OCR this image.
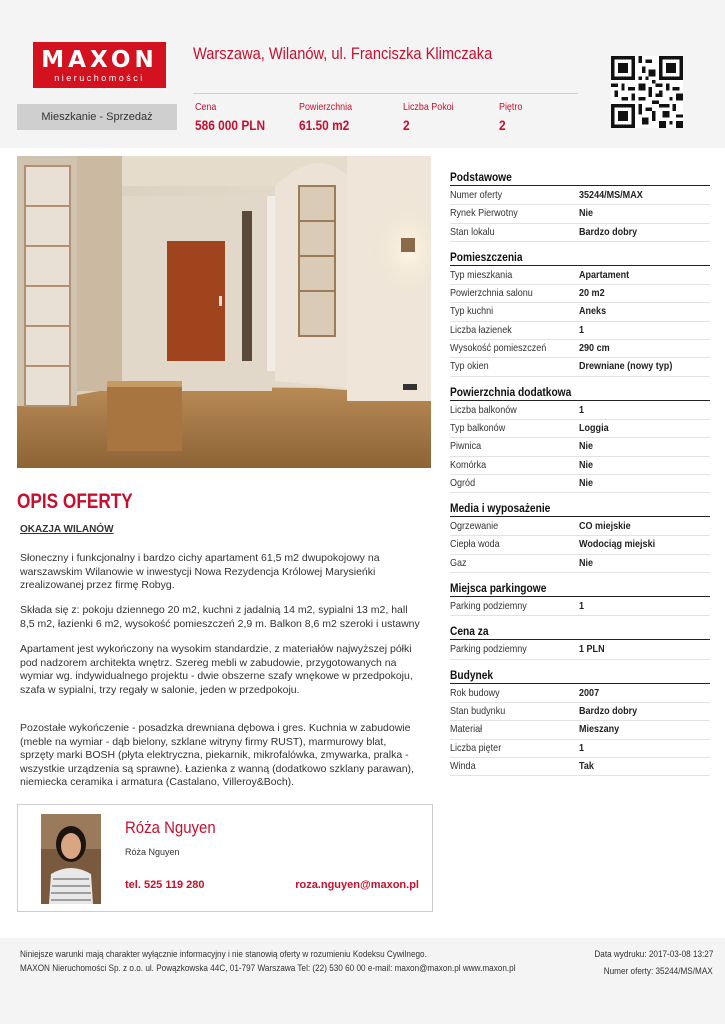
MAXON
nieruchomości
Warszawa, Wilanów, ul. Franciszka Klimczaka
Mieszkanie - Sprzedaż
Cena
586 000 PLN
Powierzchnia
61.50 m2
Liczba Pokoi
2
Piętro
2
OPIS OFERTY
OKAZJA WILANÓW
Słoneczny i funkcjonalny i bardzo cichy apartament 61,5 m2 dwupokojowy na warszawskim Wilanowie w inwestycji Nowa Rezydencja Królowej Marysieńki zrealizowanej przez firmę Robyg.
Składa się z: pokoju dziennego 20 m2, kuchni z jadalnią 14 m2, sypialni 13 m2, hall 8,5 m2, łazienki 6 m2, wysokość pomieszczeń 2,9 m. Balkon 8,6 m2 szeroki i ustawny
Apartament jest wykończony na wysokim standardzie, z materiałów najwyższej półki pod nadzorem architekta wnętrz. Szereg mebli w zabudowie, przygotowanych na wymiar wg. indywidualnego projektu - dwie obszerne szafy wnękowe w przedpokoju, szafa w sypialni, trzy regały w salonie, jeden w przedpokoju.
Pozostałe wykończenie - posadzka drewniana dębowa i gres. Kuchnia w zabudowie (meble na wymiar - dąb bielony, szklane witryny firmy RUST), marmurowy blat, sprzęty marki BOSH (płyta elektryczna, piekarnik, mikrofalówka, zmywarka, pralka - wszystkie urządzenia są sprawne). Łazienka z wanną (dodatkowo szklany parawan), niemiecka ceramika i armatura (Castalano, Villeroy&Boch).
Róża Nguyen
Róża Nguyen
tel. 525 119 280	roza.nguyen@maxon.pl
Podstawowe
Numer oferty	35244/MS/MAX
Rynek Pierwotny	Nie
Stan lokalu	Bardzo dobry
Pomieszczenia
Typ mieszkania	Apartament
Powierzchnia salonu	20 m2
Typ kuchni	Aneks
Liczba łazienek	1
Wysokość pomieszczeń	290 cm
Typ okien	Drewniane (nowy typ)
Powierzchnia dodatkowa
Liczba balkonów	1
Typ balkonów	Loggia
Piwnica	Nie
Komórka	Nie
Ogród	Nie
Media i wyposażenie
Ogrzewanie	CO miejskie
Ciepła woda	Wodociąg miejski
Gaz	Nie
Miejsca parkingowe
Parking podziemny	1
Cena za
Parking podziemny	1 PLN
Budynek
Rok budowy	2007
Stan budynku	Bardzo dobry
Materiał	Mieszany
Liczba pięter	1
Winda	Tak
Niniejsze warunki mają charakter wyłącznie informacyjny i nie stanowią oferty w rozumieniu Kodeksu Cywilnego.
MAXON Nieruchomości Sp. z o.o. ul. Powązkowska 44C, 01-797 Warszawa Tel: (22) 530 60 00 e-mail: maxon@maxon.pl www.maxon.pl
Data wydruku: 2017-03-08 13:27
Numer oferty: 35244/MS/MAX
